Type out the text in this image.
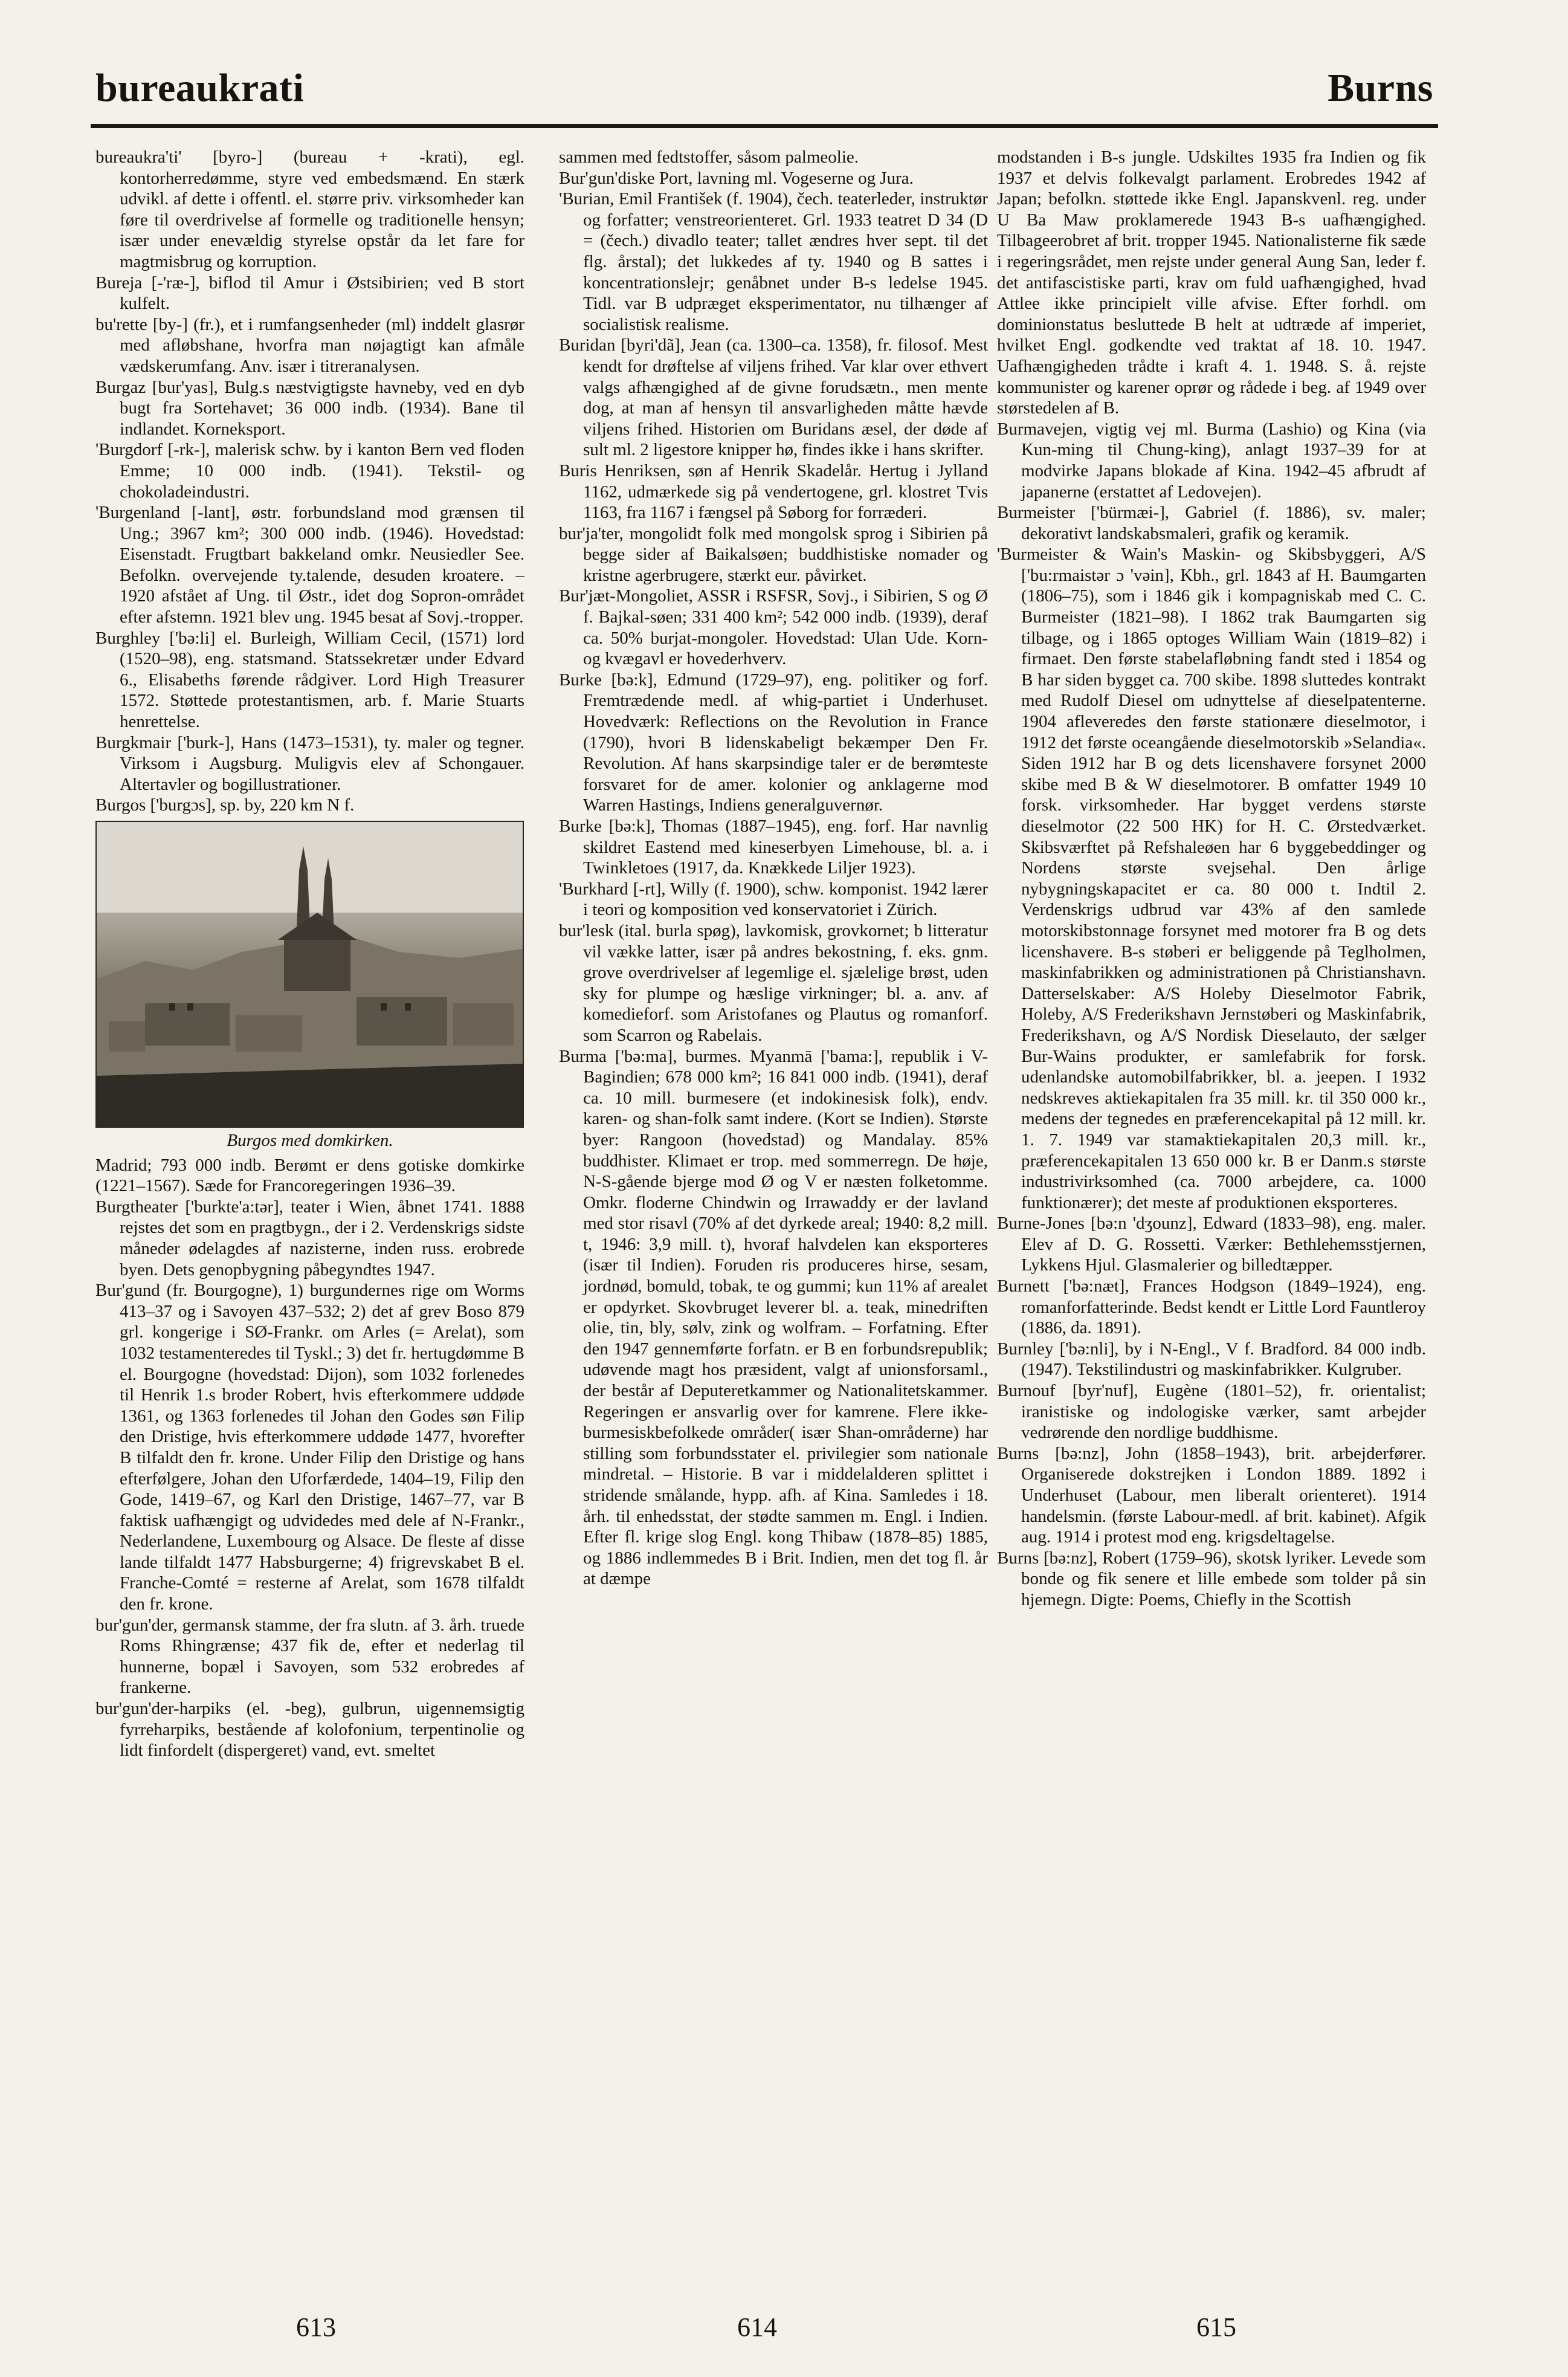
bureaukrati	Burns

bureaukra'ti' [byro-] (bureau + -krati), egl. kontorherredømme, styre ved embedsmænd. En stærk udvikl. af dette i offentl. el. større priv. virksomheder kan føre til overdrivelse af formelle og traditionelle hensyn; især under enevældig styrelse opstår da let fare for magtmisbrug og korruption.

Bureja [-'ræ-], biflod til Amur i Østsibirien; ved B stort kulfelt.

bu'rette [by-] (fr.), et i rumfangsenheder (ml) inddelt glasrør med afløbshane, hvorfra man nøjagtigt kan afmåle vædskerumfang. Anv. især i titreranalysen.

Burgaz [bur'yas], Bulg.s næstvigtigste havneby, ved en dyb bugt fra Sortehavet; 36 000 indb. (1934). Bane til indlandet. Korneksport.

'Burgdorf [-rk-], malerisk schw. by i kanton Bern ved floden Emme; 10 000 indb. (1941). Tekstil- og chokoladeindustri.

'Burgenland [-lant], østr. forbundsland mod grænsen til Ung.; 3967 km²; 300 000 indb. (1946). Hovedstad: Eisenstadt. Frugtbart bakkeland omkr. Neusiedler See. Befolkn. overvejende ty.talende, desuden kroatere. – 1920 afstået af Ung. til Østr., idet dog Sopron-området efter afstemn. 1921 blev ung. 1945 besat af Sovj.-tropper.

Burghley ['bə:li] el. Burleigh, William Cecil, (1571) lord (1520–98), eng. statsmand. Statssekretær under Edvard 6., Elisabeths førende rådgiver. Lord High Treasurer 1572. Støttede protestantismen, arb. f. Marie Stuarts henrettelse.

Burgkmair ['burk-], Hans (1473–1531), ty. maler og tegner. Virksom i Augsburg. Muligvis elev af Schongauer. Altertavler og bogillustrationer.

Burgos ['burgɔs], sp. by, 220 km N f.

Burgos med domkirken.

Madrid; 793 000 indb. Berømt er dens gotiske domkirke (1221–1567). Sæde for Francoregeringen 1936–39.

Burgtheater ['burkte'a:tər], teater i Wien, åbnet 1741. 1888 rejstes det som en pragtbygn., der i 2. Verdenskrigs sidste måneder ødelagdes af nazisterne, inden russ. erobrede byen. Dets genopbygning påbegyndtes 1947.

Bur'gund (fr. Bourgogne), 1) burgundernes rige om Worms 413–37 og i Savoyen 437–532; 2) det af grev Boso 879 grl. kongerige i SØ-Frankr. om Arles (= Arelat), som 1032 testamenteredes til Tyskl.; 3) det fr. hertugdømme B el. Bourgogne (hovedstad: Dijon), som 1032 forlenedes til Henrik 1.s broder Robert, hvis efterkommere uddøde 1361, og 1363 forlenedes til Johan den Godes søn Filip den Dristige, hvis efterkommere uddøde 1477, hvorefter B tilfaldt den fr. krone. Under Filip den Dristige og hans efterfølgere, Johan den Uforfærdede, 1404–19, Filip den Gode, 1419–67, og Karl den Dristige, 1467–77, var B faktisk uafhængigt og udvidedes med dele af N-Frankr., Nederlandene, Luxembourg og Alsace. De fleste af disse lande tilfaldt 1477 Habsburgerne; 4) frigrevskabet B el. Franche-Comté = resterne af Arelat, som 1678 tilfaldt den fr. krone.

bur'gun'der, germansk stamme, der fra slutn. af 3. årh. truede Roms Rhingrænse; 437 fik de, efter et nederlag til hunnerne, bopæl i Savoyen, som 532 erobredes af frankerne.

bur'gun'der-harpiks (el. -beg), gulbrun, uigennemsigtig fyrreharpiks, bestående af kolofonium, terpentinolie og lidt finfordelt (dispergeret) vand, evt. smeltet

sammen med fedtstoffer, såsom palmeolie.

Bur'gun'diske Port, lavning ml. Vogeserne og Jura.

'Burian, Emil František (f. 1904), čech. teaterleder, instruktør og forfatter; venstreorienteret. Grl. 1933 teatret D 34 (D = (čech.) divadlo teater; tallet ændres hver sept. til det flg. årstal); det lukkedes af ty. 1940 og B sattes i koncentrationslejr; genåbnet under B-s ledelse 1945. Tidl. var B udpræget eksperimentator, nu tilhænger af socialistisk realisme.

Buridan [byri'dã], Jean (ca. 1300–ca. 1358), fr. filosof. Mest kendt for drøftelse af viljens frihed. Var klar over ethvert valgs afhængighed af de givne forudsætn., men mente dog, at man af hensyn til ansvarligheden måtte hævde viljens frihed. Historien om Buridans æsel, der døde af sult ml. 2 ligestore knipper hø, findes ikke i hans skrifter.

Buris Henriksen, søn af Henrik Skadelår. Hertug i Jylland 1162, udmærkede sig på vendertogene, grl. klostret Tvis 1163, fra 1167 i fængsel på Søborg for forræderi.

bur'ja'ter, mongolidt folk med mongolsk sprog i Sibirien på begge sider af Baikalsøen; buddhistiske nomader og kristne agerbrugere, stærkt eur. påvirket.

Bur'jæt-Mongoliet, ASSR i RSFSR, Sovj., i Sibirien, S og Ø f. Bajkal-søen; 331 400 km²; 542 000 indb. (1939), deraf ca. 50% burjat-mongoler. Hovedstad: Ulan Ude. Korn- og kvægavl er hovederhverv.

Burke [bə:k], Edmund (1729–97), eng. politiker og forf. Fremtrædende medl. af whig-partiet i Underhuset. Hovedværk: Reflections on the Revolution in France (1790), hvori B lidenskabeligt bekæmper Den Fr. Revolution. Af hans skarpsindige taler er de berømteste forsvaret for de amer. kolonier og anklagerne mod Warren Hastings, Indiens generalguvernør.

Burke [bə:k], Thomas (1887–1945), eng. forf. Har navnlig skildret Eastend med kineserbyen Limehouse, bl. a. i Twinkletoes (1917, da. Knækkede Liljer 1923).

'Burkhard [-rt], Willy (f. 1900), schw. komponist. 1942 lærer i teori og komposition ved konservatoriet i Zürich.

bur'lesk (ital. burla spøg), lavkomisk, grovkornet; b litteratur vil vække latter, især på andres bekostning, f. eks. gnm. grove overdrivelser af legemlige el. sjælelige brøst, uden sky for plumpe og hæslige virkninger; bl. a. anv. af komedieforf. som Aristofanes og Plautus og romanforf. som Scarron og Rabelais.

Burma ['bə:ma], burmes. Myanmā ['bama:], republik i V-Bagindien; 678 000 km²; 16 841 000 indb. (1941), deraf ca. 10 mill. burmesere (et indokinesisk folk), endv. karen- og shan-folk samt indere. (Kort se Indien). Største byer: Rangoon (hovedstad) og Mandalay. 85% buddhister. Klimaet er trop. med sommerregn. De høje, N-S-gående bjerge mod Ø og V er næsten folketomme. Omkr. floderne Chindwin og Irrawaddy er der lavland med stor risavl (70% af det dyrkede areal; 1940: 8,2 mill. t, 1946: 3,9 mill. t), hvoraf halvdelen kan eksporteres (især til Indien). Foruden ris produceres hirse, sesam, jordnød, bomuld, tobak, te og gummi; kun 11% af arealet er opdyrket. Skovbruget leverer bl. a. teak, minedriften olie, tin, bly, sølv, zink og wolfram. – Forfatning. Efter den 1947 gennemførte forfatn. er B en forbundsrepublik; udøvende magt hos præsident, valgt af unionsforsaml., der består af Deputeretkammer og Nationalitetskammer. Regeringen er ansvarlig over for kamrene. Flere ikke-burmesiskbefolkede områder( især Shan-områderne) har stilling som forbundsstater el. privilegier som nationale mindretal. – Historie. B var i middelalderen splittet i stridende smålande, hypp. afh. af Kina. Samledes i 18. årh. til enhedsstat, der stødte sammen m. Engl. i Indien. Efter fl. krige slog Engl. kong Thibaw (1878–85) 1885, og 1886 indlemmedes B i Brit. Indien, men det tog fl. år at dæmpe

modstanden i B-s jungle. Udskiltes 1935 fra Indien og fik 1937 et delvis folkevalgt parlament. Erobredes 1942 af Japan; befolkn. støttede ikke Engl. Japanskvenl. reg. under U Ba Maw proklamerede 1943 B-s uafhængighed. Tilbageerobret af brit. tropper 1945. Nationalisterne fik sæde i regeringsrådet, men rejste under general Aung San, leder f. det antifascistiske parti, krav om fuld uafhængighed, hvad Attlee ikke principielt ville afvise. Efter forhdl. om dominionstatus besluttede B helt at udtræde af imperiet, hvilket Engl. godkendte ved traktat af 18. 10. 1947. Uafhængigheden trådte i kraft 4. 1. 1948. S. å. rejste kommunister og karener oprør og rådede i beg. af 1949 over størstedelen af B.

Burmavejen, vigtig vej ml. Burma (Lashio) og Kina (via Kun-ming til Chung-king), anlagt 1937–39 for at modvirke Japans blokade af Kina. 1942–45 afbrudt af japanerne (erstattet af Ledovejen).

Burmeister ['bürmæi-], Gabriel (f. 1886), sv. maler; dekorativt landskabsmaleri, grafik og keramik.

'Burmeister & Wain's Maskin- og Skibsbyggeri, A/S ['bu:rmaistər ɔ 'vəin], Kbh., grl. 1843 af H. Baumgarten (1806–75), som i 1846 gik i kompagniskab med C. C. Burmeister (1821–98). I 1862 trak Baumgarten sig tilbage, og i 1865 optoges William Wain (1819–82) i firmaet. Den første stabelafløbning fandt sted i 1854 og B har siden bygget ca. 700 skibe. 1898 sluttedes kontrakt med Rudolf Diesel om udnyttelse af dieselpatenterne. 1904 afleveredes den første stationære dieselmotor, i 1912 det første oceangående dieselmotorskib »Selandia«. Siden 1912 har B og dets licenshavere forsynet 2000 skibe med B & W dieselmotorer. B omfatter 1949 10 forsk. virksomheder. Har bygget verdens største dieselmotor (22 500 HK) for H. C. Ørstedværket. Skibsværftet på Refshaleøen har 6 byggebeddinger og Nordens største svejsehal. Den årlige nybygningskapacitet er ca. 80 000 t. Indtil 2. Verdenskrigs udbrud var 43% af den samlede motorskibstonnage forsynet med motorer fra B og dets licenshavere. B-s støberi er beliggende på Teglholmen, maskinfabrikken og administrationen på Christianshavn. Datterselskaber: A/S Holeby Dieselmotor Fabrik, Holeby, A/S Frederikshavn Jernstøberi og Maskinfabrik, Frederikshavn, og A/S Nordisk Dieselauto, der sælger Bur-Wains produkter, er samlefabrik for forsk. udenlandske automobilfabrikker, bl. a. jeepen. I 1932 nedskreves aktiekapitalen fra 35 mill. kr. til 350 000 kr., medens der tegnedes en præferencekapital på 12 mill. kr. 1. 7. 1949 var stamaktiekapitalen 20,3 mill. kr., præferencekapitalen 13 650 000 kr. B er Danm.s største industrivirksomhed (ca. 7000 arbejdere, ca. 1000 funktionærer); det meste af produktionen eksporteres.

Burne-Jones [bə:n 'dʒounz], Edward (1833–98), eng. maler. Elev af D. G. Rossetti. Værker: Bethlehemsstjernen, Lykkens Hjul. Glasmalerier og billedtæpper.

Burnett ['bə:næt], Frances Hodgson (1849–1924), eng. romanforfatterinde. Bedst kendt er Little Lord Fauntleroy (1886, da. 1891).

Burnley ['bə:nli], by i N-Engl., V f. Bradford. 84 000 indb. (1947). Tekstilindustri og maskinfabrikker. Kulgruber.

Burnouf [byr'nuf], Eugène (1801–52), fr. orientalist; iranistiske og indologiske værker, samt arbejder vedrørende den nordlige buddhisme.

Burns [bə:nz], John (1858–1943), brit. arbejderfører. Organiserede dokstrejken i London 1889. 1892 i Underhuset (Labour, men liberalt orienteret). 1914 handelsmin. (første Labour-medl. af brit. kabinet). Afgik aug. 1914 i protest mod eng. krigsdeltagelse.

Burns [bə:nz], Robert (1759–96), skotsk lyriker. Levede som bonde og fik senere et lille embede som tolder på sin hjemegn. Digte: Poems, Chiefly in the Scottish

613	614	615
